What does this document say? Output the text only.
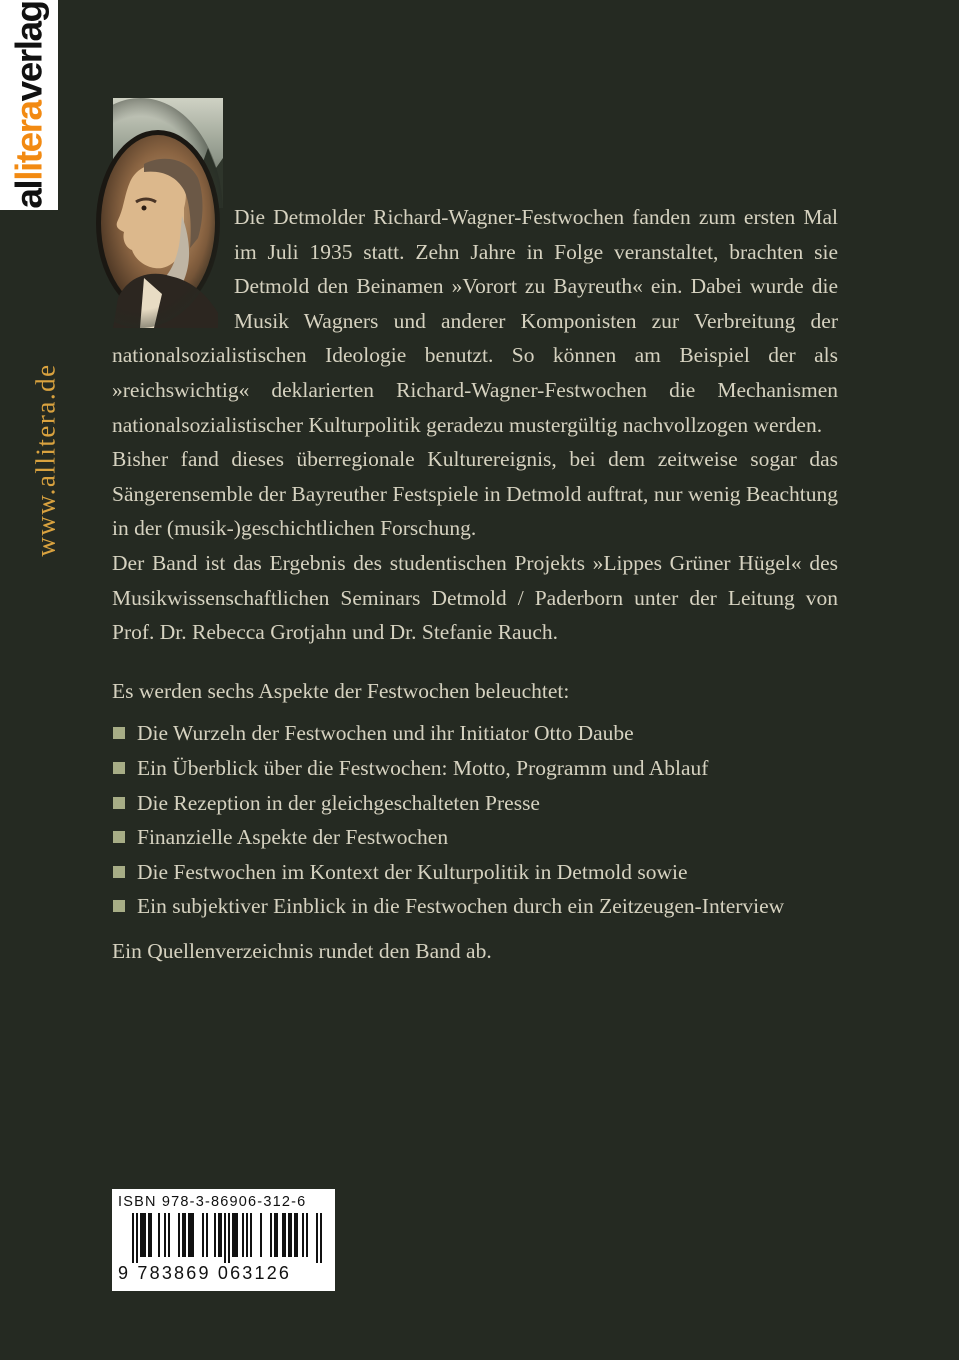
alliteraverlag
www.allitera.de

Die Detmolder Richard-Wagner-Festwochen fanden zum ersten Mal im Juli 1935 statt. Zehn Jahre in Folge veranstaltet, brachten sie Detmold den Beinamen »Vorort zu Bayreuth« ein. Dabei wurde die Musik Wagners und anderer Komponisten zur Verbreitung der nationalsozialistischen Ideologie benutzt. So können am Beispiel der als »reichswichtig« deklarierten Richard-Wagner-Festwochen die Mechanismen nationalsozialistischer Kulturpolitik geradezu mustergültig nachvollzogen werden.

Bisher fand dieses überregionale Kulturereignis, bei dem zeitweise sogar das Sängerensemble der Bayreuther Festspiele in Detmold auftrat, nur wenig Beachtung in der (musik-)geschichtlichen Forschung.

Der Band ist das Ergebnis des studentischen Projekts »Lippes Grüner Hügel« des Musikwissenschaftlichen Seminars Detmold / Paderborn unter der Leitung von Prof. Dr. Rebecca Grotjahn und Dr. Stefanie Rauch.

Es werden sechs Aspekte der Festwochen beleuchtet:

Die Wurzeln der Festwochen und ihr Initiator Otto Daube
Ein Überblick über die Festwochen: Motto, Programm und Ablauf
Die Rezeption in der gleichgeschalteten Presse
Finanzielle Aspekte der Festwochen
Die Festwochen im Kontext der Kulturpolitik in Detmold sowie
Ein subjektiver Einblick in die Festwochen durch ein Zeitzeugen-Interview

Ein Quellenverzeichnis rundet den Band ab.

ISBN 978-3-86906-312-6
9 783869 063126
